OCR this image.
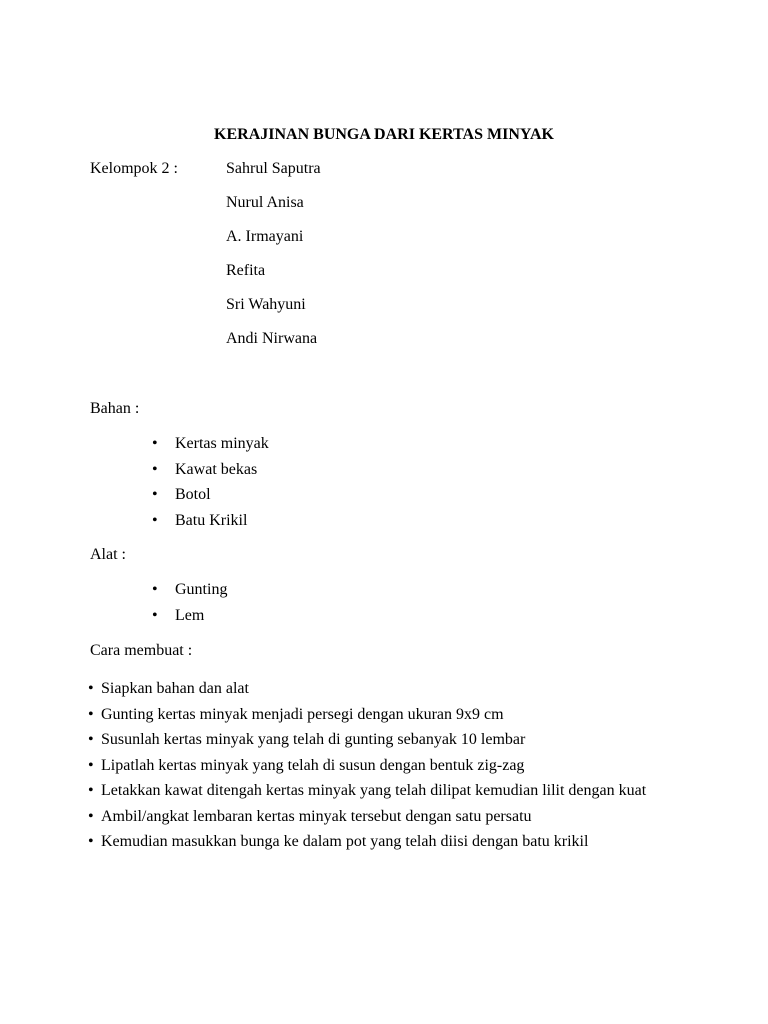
KERAJINAN BUNGA DARI KERTAS MINYAK
Kelompok 2 :	Sahrul Saputra
Nurul Anisa
A. Irmayani
Refita
Sri Wahyuni
Andi Nirwana
Bahan :
• Kertas minyak
• Kawat bekas
• Botol
• Batu Krikil
Alat :
• Gunting
• Lem
Cara membuat :
• Siapkan bahan dan alat
• Gunting kertas minyak menjadi persegi dengan ukuran 9x9 cm
• Susunlah kertas minyak yang telah di gunting sebanyak 10 lembar
• Lipatlah kertas minyak yang telah di susun dengan bentuk zig-zag
• Letakkan kawat ditengah kertas minyak yang telah dilipat kemudian lilit dengan kuat
• Ambil/angkat lembaran kertas minyak tersebut dengan satu persatu
• Kemudian masukkan bunga ke dalam pot yang telah diisi dengan batu krikil
